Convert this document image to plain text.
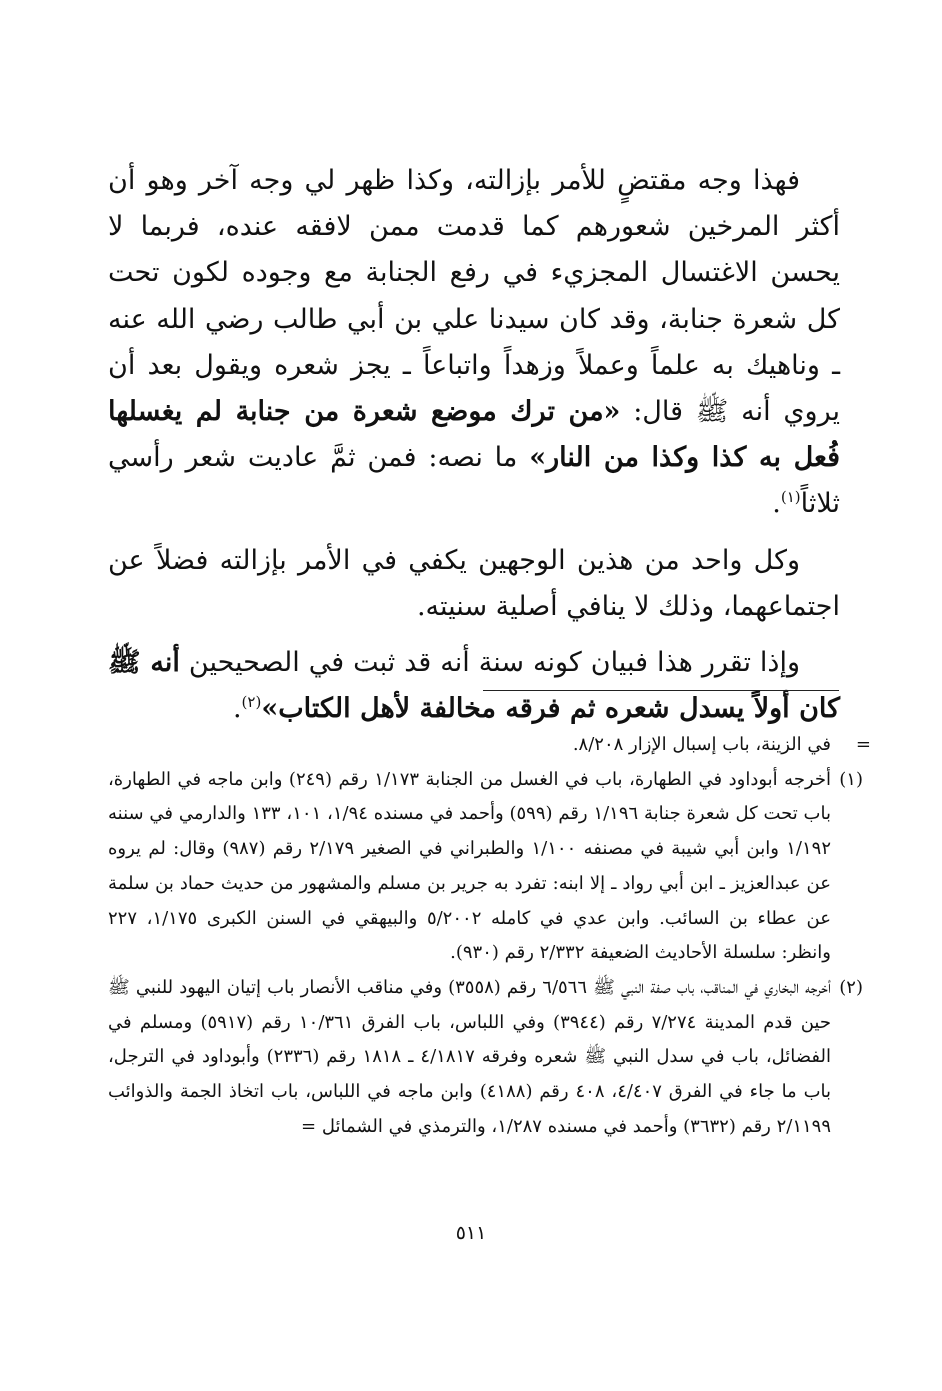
فهذا وجه مقتضٍ للأمر بإزالته، وكذا ظهر لي وجه آخر وهو أن أكثر المرخين شعورهم كما قدمت ممن لافقه عنده، فربما لا يحسن الاغتسال المجزيء في رفع الجنابة مع وجوده لكون تحت كل شعرة جنابة، وقد كان سيدنا علي بن أبي طالب رضي الله عنه ـ وناهيك به علماً وعملاً وزهداً واتباعاً ـ يجز شعره ويقول بعد أن يروي أنه ﷺ قال: «من ترك موضع شعرة من جنابة لم يغسلها فُعل به كذا وكذا من النار» ما نصه: فمن ثمَّ عاديت شعر رأسي ثلاثاً$^{(١)}$.

وكل واحد من هذين الوجهين يكفي في الأمر بإزالته فضلاً عن اجتماعهما، وذلك لا ينافي أصلية سنيته.

وإذا تقرر هذا فبيان كونه سنة أنه قد ثبت في الصحيحين أنه ﷺ كان أولاً يسدل شعره ثم فرقه مخالفة لأهل الكتاب»$^{(٢)}$.

=
في الزينة، باب إسبال الإزار ٨/٢٠٨.

(١)
أخرجه أبوداود في الطهارة، باب في الغسل من الجنابة ١/١٧٣ رقم (٢٤٩) وابن ماجه في الطهارة، باب تحت كل شعرة جنابة ١/١٩٦ رقم (٥٩٩) وأحمد في مسنده ١/٩٤، ١٠١، ١٣٣ والدارمي في سننه ١/١٩٢ وابن أبي شيبة في مصنفه ١/١٠٠ والطبراني في الصغير ٢/١٧٩ رقم (٩٨٧) وقال: لم يروه عن عبدالعزيز ـ ابن أبي رواد ـ إلا ابنه: تفرد به جرير بن مسلم والمشهور من حديث حماد بن سلمة عن عطاء بن السائب. وابن عدي في كامله ٥/٢٠٠٢ والبيهقي في السنن الكبرى ١/١٧٥، ٢٢٧ وانظر: سلسلة الأحاديث الضعيفة ٢/٣٣٢ رقم (٩٣٠).

(٢)
أخرجه البخاري في المناقب، باب صفة النبي ﷺ ٦/٥٦٦ رقم (٣٥٥٨) وفي مناقب الأنصار باب إتيان اليهود للنبي ﷺ حين قدم المدينة ٧/٢٧٤ رقم (٣٩٤٤) وفي اللباس، باب الفرق ١٠/٣٦١ رقم (٥٩١٧) ومسلم في الفضائل، باب في سدل النبي ﷺ شعره وفرقه ٤/١٨١٧ ـ ١٨١٨ رقم (٢٣٣٦) وأبوداود في الترجل، باب ما جاء في الفرق ٤/٤٠٧، ٤٠٨ رقم (٤١٨٨) وابن ماجه في اللباس، باب اتخاذ الجمة والذوائب ٢/١١٩٩ رقم (٣٦٣٢) وأحمد في مسنده ١/٢٨٧، والترمذي في الشمائل =

٥١١
